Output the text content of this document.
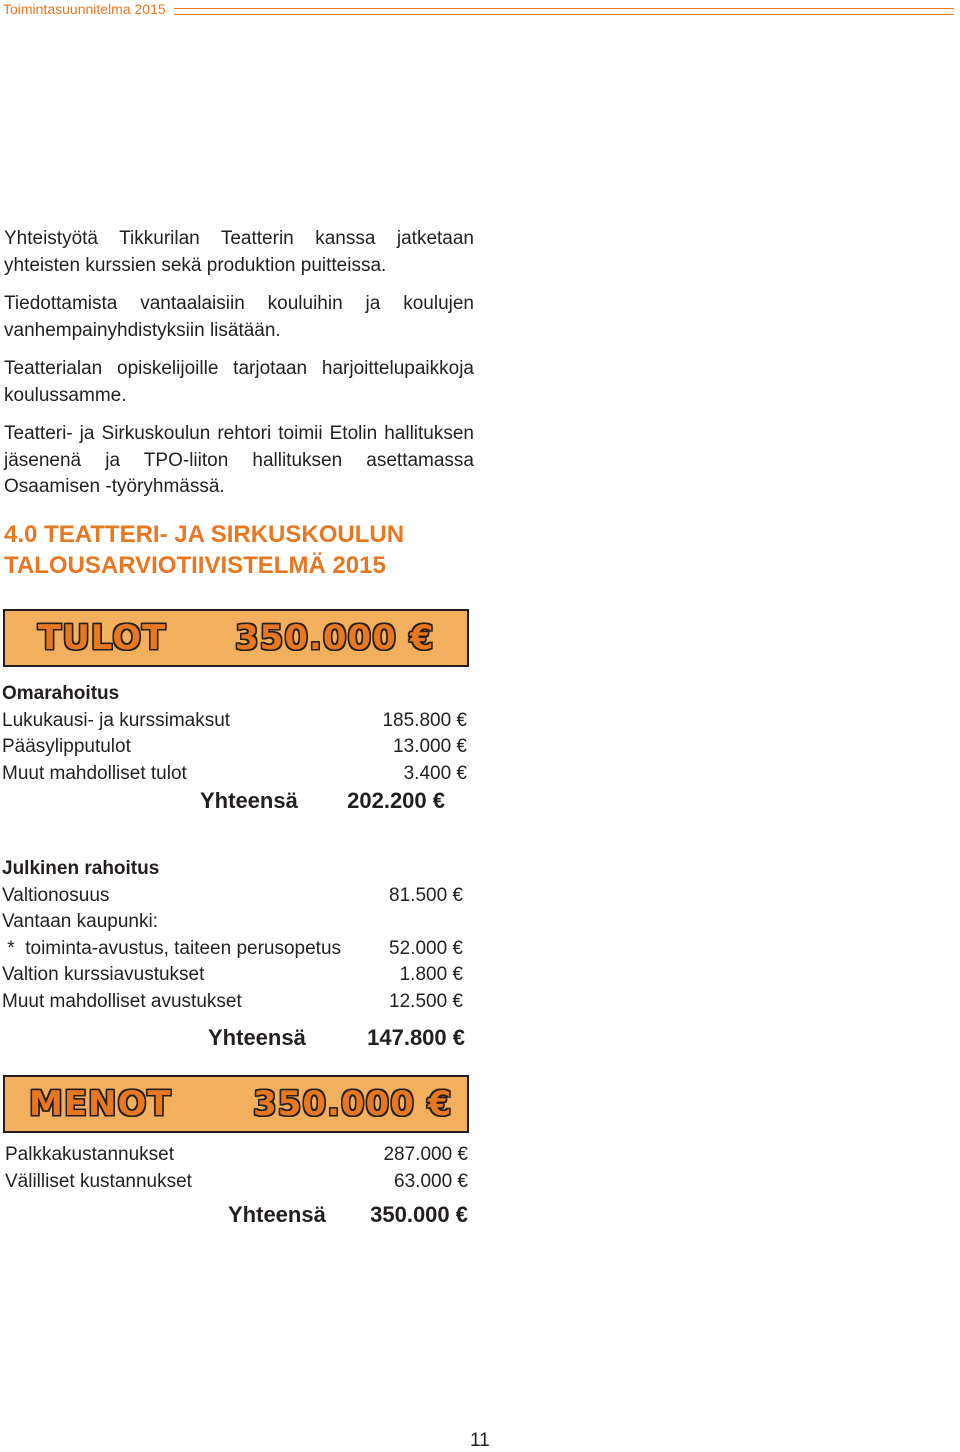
Toimintasuunnitelma 2015

Yhteistyötä Tikkurilan Teatterin kanssa jatketaan yhteisten kurssien sekä produktion puitteissa.

Tiedottamista vantaalaisiin kouluihin ja koulujen vanhempainyhdistyksiin lisätään.

Teatterialan opiskelijoille tarjotaan harjoittelupaikkoja koulussamme.

Teatteri- ja Sirkuskoulun rehtori toimii Etolin hallituksen jäsenenä ja TPO-liiton hallituksen asettamassa Osaamisen -työryhmässä.

4.0 TEATTERI- JA SIRKUSKOULUN TALOUSARVIOTIIVISTELMÄ 2015
TULOT 350.000 €
Omarahoitus
Lukukausi- ja kurssimaksut	185.800 €
Pääsylipputulot	13.000 €
Muut mahdolliset tulot	3.400 €
Yhteensä 202.200 €
Julkinen rahoitus
Valtionosuus	81.500 €
Vantaan kaupunki:
*  toiminta-avustus, taiteen perusopetus	52.000 €
Valtion kurssiavustukset	1.800 €
Muut mahdolliset avustukset	12.500 €
Yhteensä	147.800 €
MENOT 350.000 €
Palkkakustannukset	287.000 €
Välilliset kustannukset	63.000 €
Yhteensä 350.000 €
11
